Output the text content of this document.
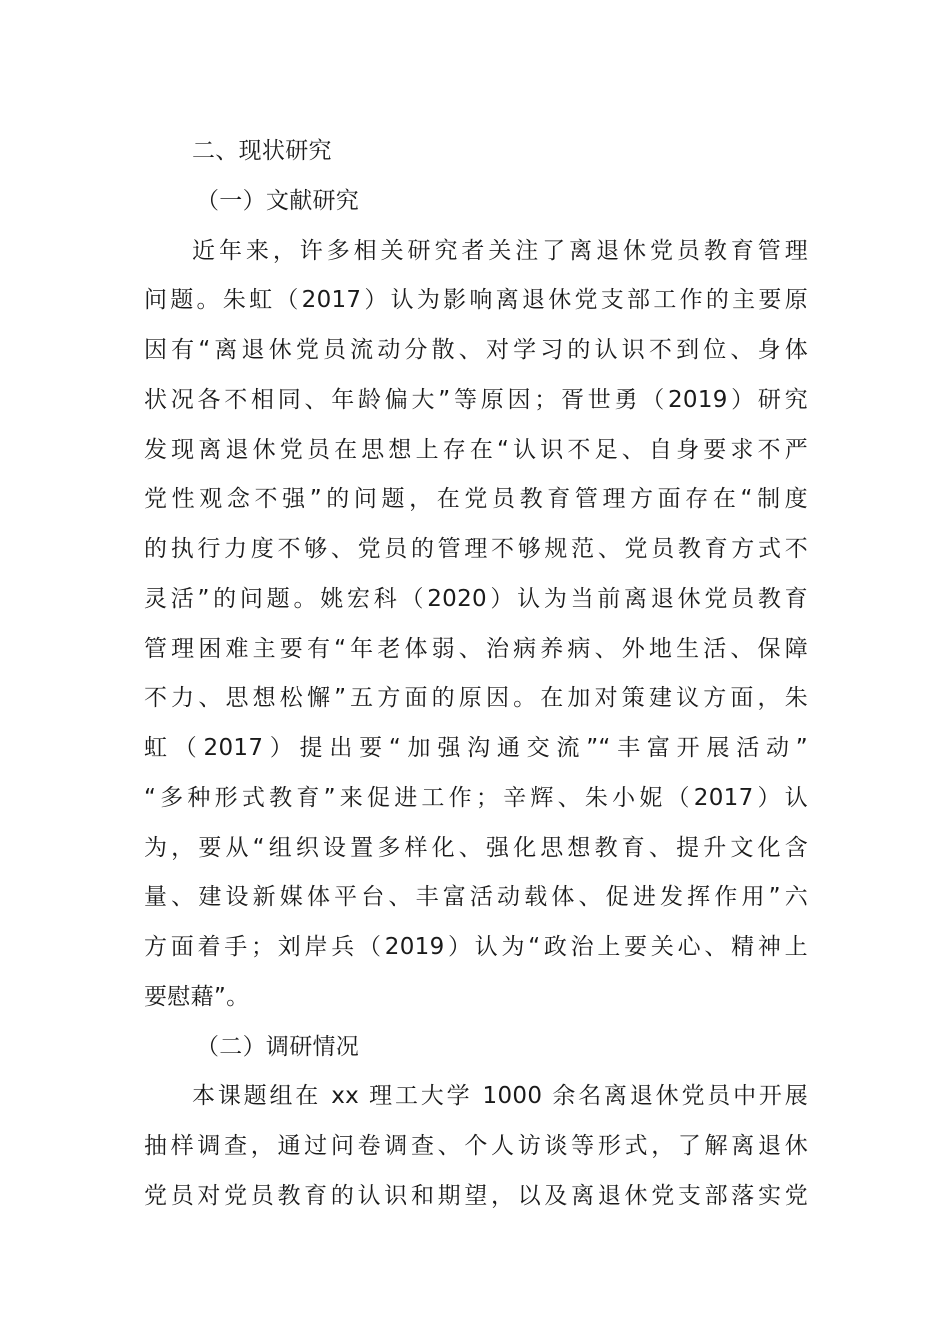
二、现状研究
（一）文献研究
近年来，许多相关研究者关注了离退休党员教育管理
问题。朱虹（2017）认为影响离退休党支部工作的主要原
因有“离退休党员流动分散、对学习的认识不到位、身体
状况各不相同、年龄偏大”等原因；胥世勇（2019）研究
发现离退休党员在思想上存在“认识不足、自身要求不严
党性观念不强”的问题，在党员教育管理方面存在“制度
的执行力度不够、党员的管理不够规范、党员教育方式不
灵活”的问题。姚宏科（2020）认为当前离退休党员教育
管理困难主要有“年老体弱、治病养病、外地生活、保障
不力、思想松懈”五方面的原因。在加对策建议方面，朱
虹（2017）提出要“加强沟通交流”“丰富开展活动”
“多种形式教育”来促进工作；辛辉、朱小妮（2017）认
为，要从“组织设置多样化、强化思想教育、提升文化含
量、建设新媒体平台、丰富活动载体、促进发挥作用”六
方面着手；刘岸兵（2019）认为“政治上要关心、精神上
要慰藉”。
（二）调研情况
本课题组在 xx 理工大学 1000 余名离退休党员中开展
抽样调查，通过问卷调查、个人访谈等形式，了解离退休
党员对党员教育的认识和期望，以及离退休党支部落实党
